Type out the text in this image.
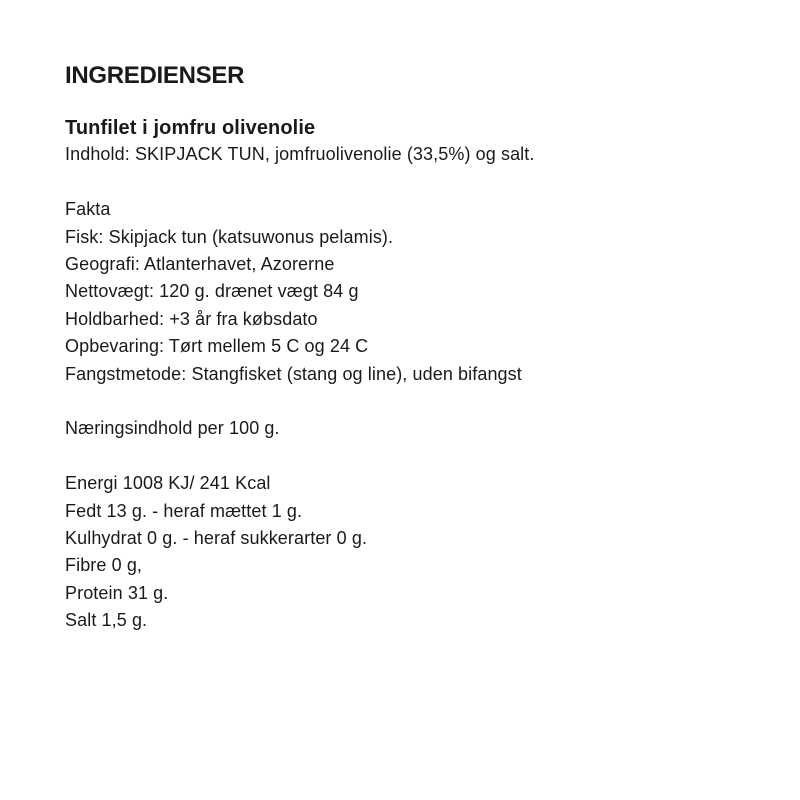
INGREDIENSER
Tunfilet i jomfru olivenolie

Indhold: SKIPJACK TUN, jomfruolivenolie (33,5%) og salt.

Fakta

Fisk: Skipjack tun (katsuwonus pelamis).

Geografi: Atlanterhavet, Azorerne

Nettovægt: 120 g. drænet vægt 84 g

Holdbarhed: +3 år fra købsdato

Opbevaring: Tørt mellem 5 C og 24 C

Fangstmetode: Stangfisket (stang og line), uden bifangst

Næringsindhold per 100 g.

Energi 1008 KJ/ 241 Kcal

Fedt 13 g. - heraf mættet 1 g.

Kulhydrat 0 g. - heraf sukkerarter 0 g.

Fibre 0 g,

Protein 31 g.

Salt 1,5 g.
